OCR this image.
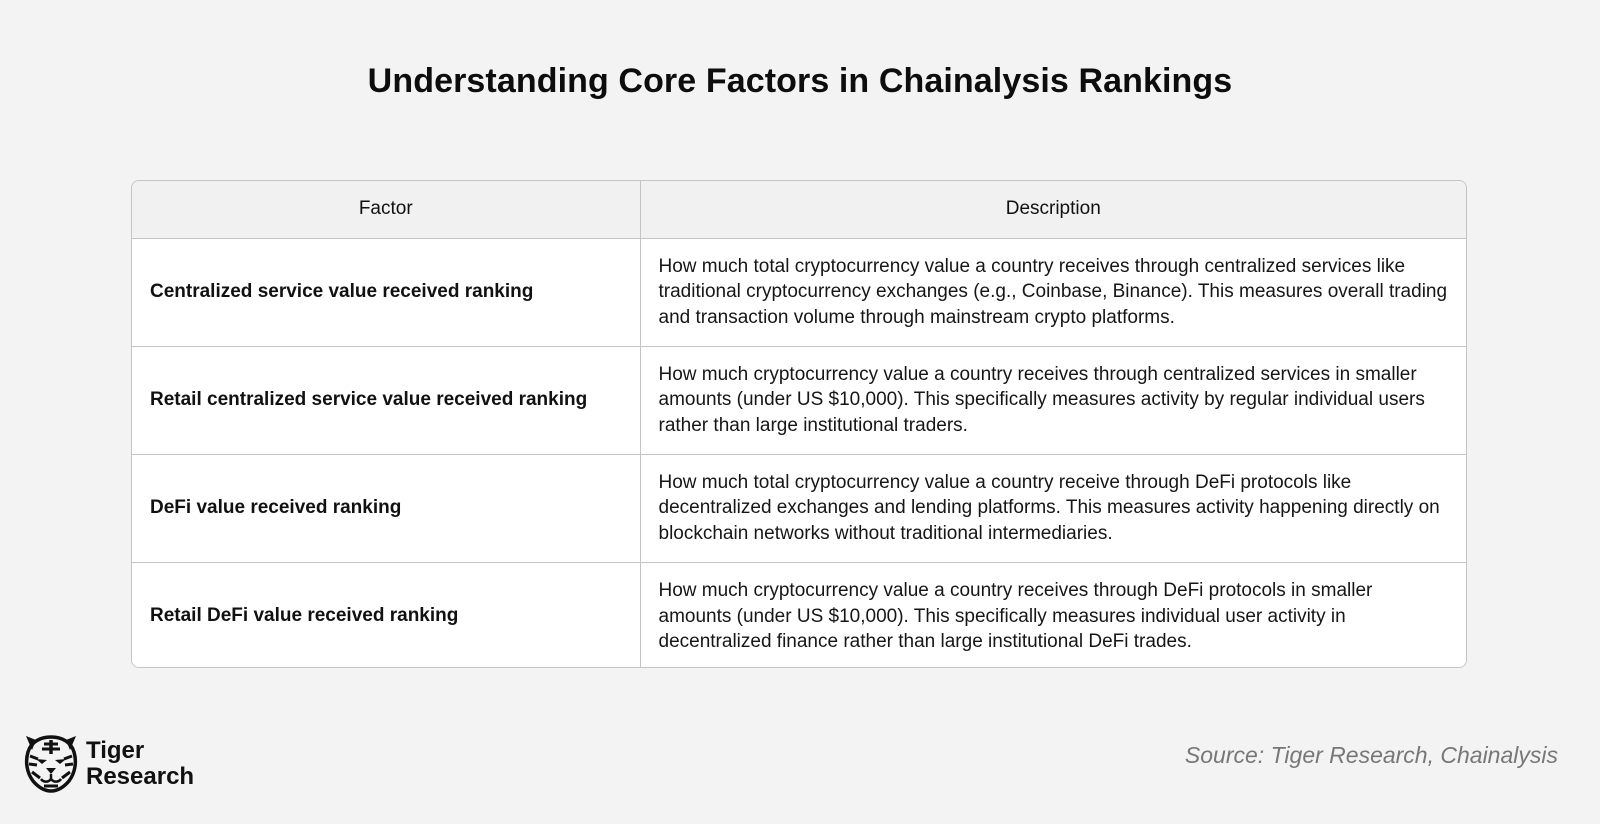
Understanding Core Factors in Chainalysis Rankings
Factor	Description
Centralized service value received ranking	How much total cryptocurrency value a country receives through centralized services like traditional cryptocurrency exchanges (e.g., Coinbase, Binance). This measures overall trading and transaction volume through mainstream crypto platforms.
Retail centralized service value received ranking	How much cryptocurrency value a country receives through centralized services in smaller amounts (under US $10,000). This specifically measures activity by regular individual users rather than large institutional traders.
DeFi value received ranking	How much total cryptocurrency value a country receive through DeFi protocols like decentralized exchanges and lending platforms. This measures activity happening directly on blockchain networks without traditional intermediaries.
Retail DeFi value received ranking	How much cryptocurrency value a country receives through DeFi protocols in smaller amounts (under US $10,000). This specifically measures individual user activity in decentralized finance rather than large institutional DeFi trades.
Tiger
Research
Source: Tiger Research, Chainalysis
